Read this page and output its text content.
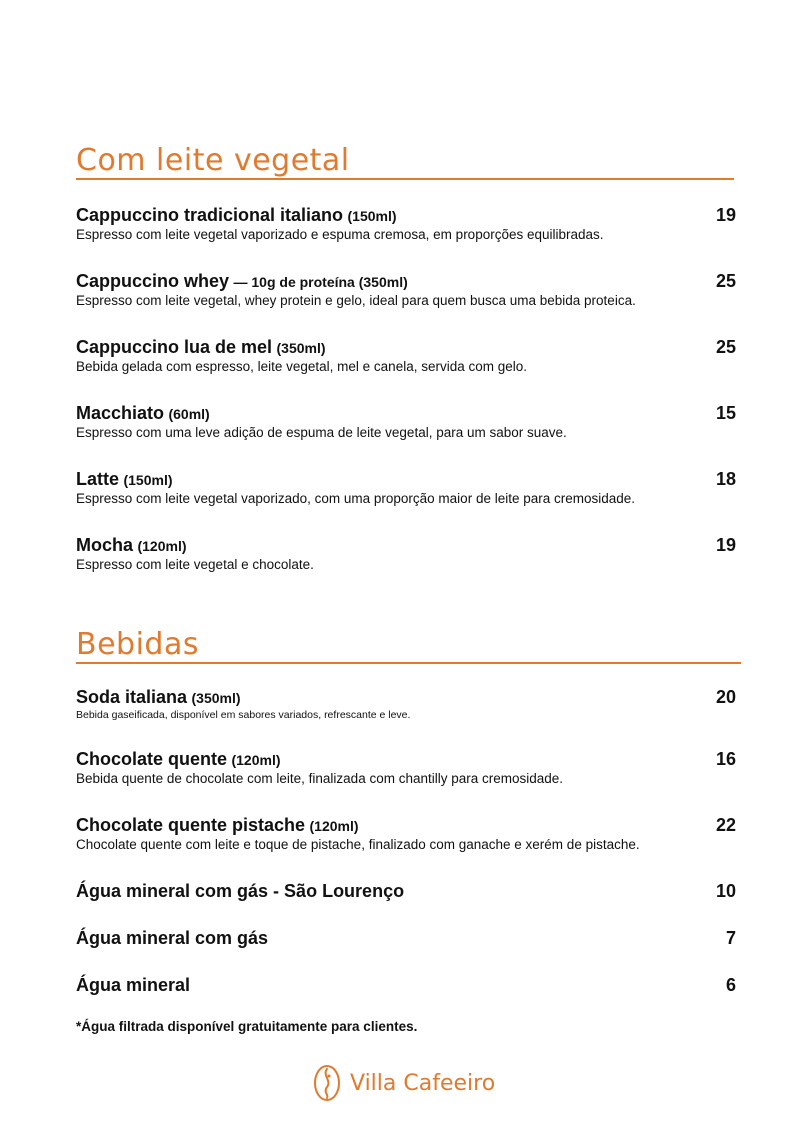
Com leite vegetal
Cappuccino tradicional italiano (150ml)	19
Espresso com leite vegetal vaporizado e espuma cremosa, em proporções equilibradas.
Cappuccino whey — 10g de proteína (350ml)	25
Espresso com leite vegetal, whey protein e gelo, ideal para quem busca uma bebida proteica.
Cappuccino lua de mel (350ml)	25
Bebida gelada com espresso, leite vegetal, mel e canela, servida com gelo.
Macchiato (60ml)	15
Espresso com uma leve adição de espuma de leite vegetal, para um sabor suave.
Latte (150ml)	18
Espresso com leite vegetal vaporizado, com uma proporção maior de leite para cremosidade.
Mocha (120ml)	19
Espresso com leite vegetal e chocolate.
Bebidas
Soda italiana (350ml)	20
Bebida gaseificada, disponível em sabores variados, refrescante e leve.
Chocolate quente (120ml)	16
Bebida quente de chocolate com leite, finalizada com chantilly para cremosidade.
Chocolate quente pistache (120ml)	22
Chocolate quente com leite e toque de pistache, finalizado com ganache e xerém de pistache.
Água mineral com gás - São Lourenço	10
Água mineral com gás	7
Água mineral	6
*Água filtrada disponível gratuitamente para clientes.
Villa Cafeeiro
